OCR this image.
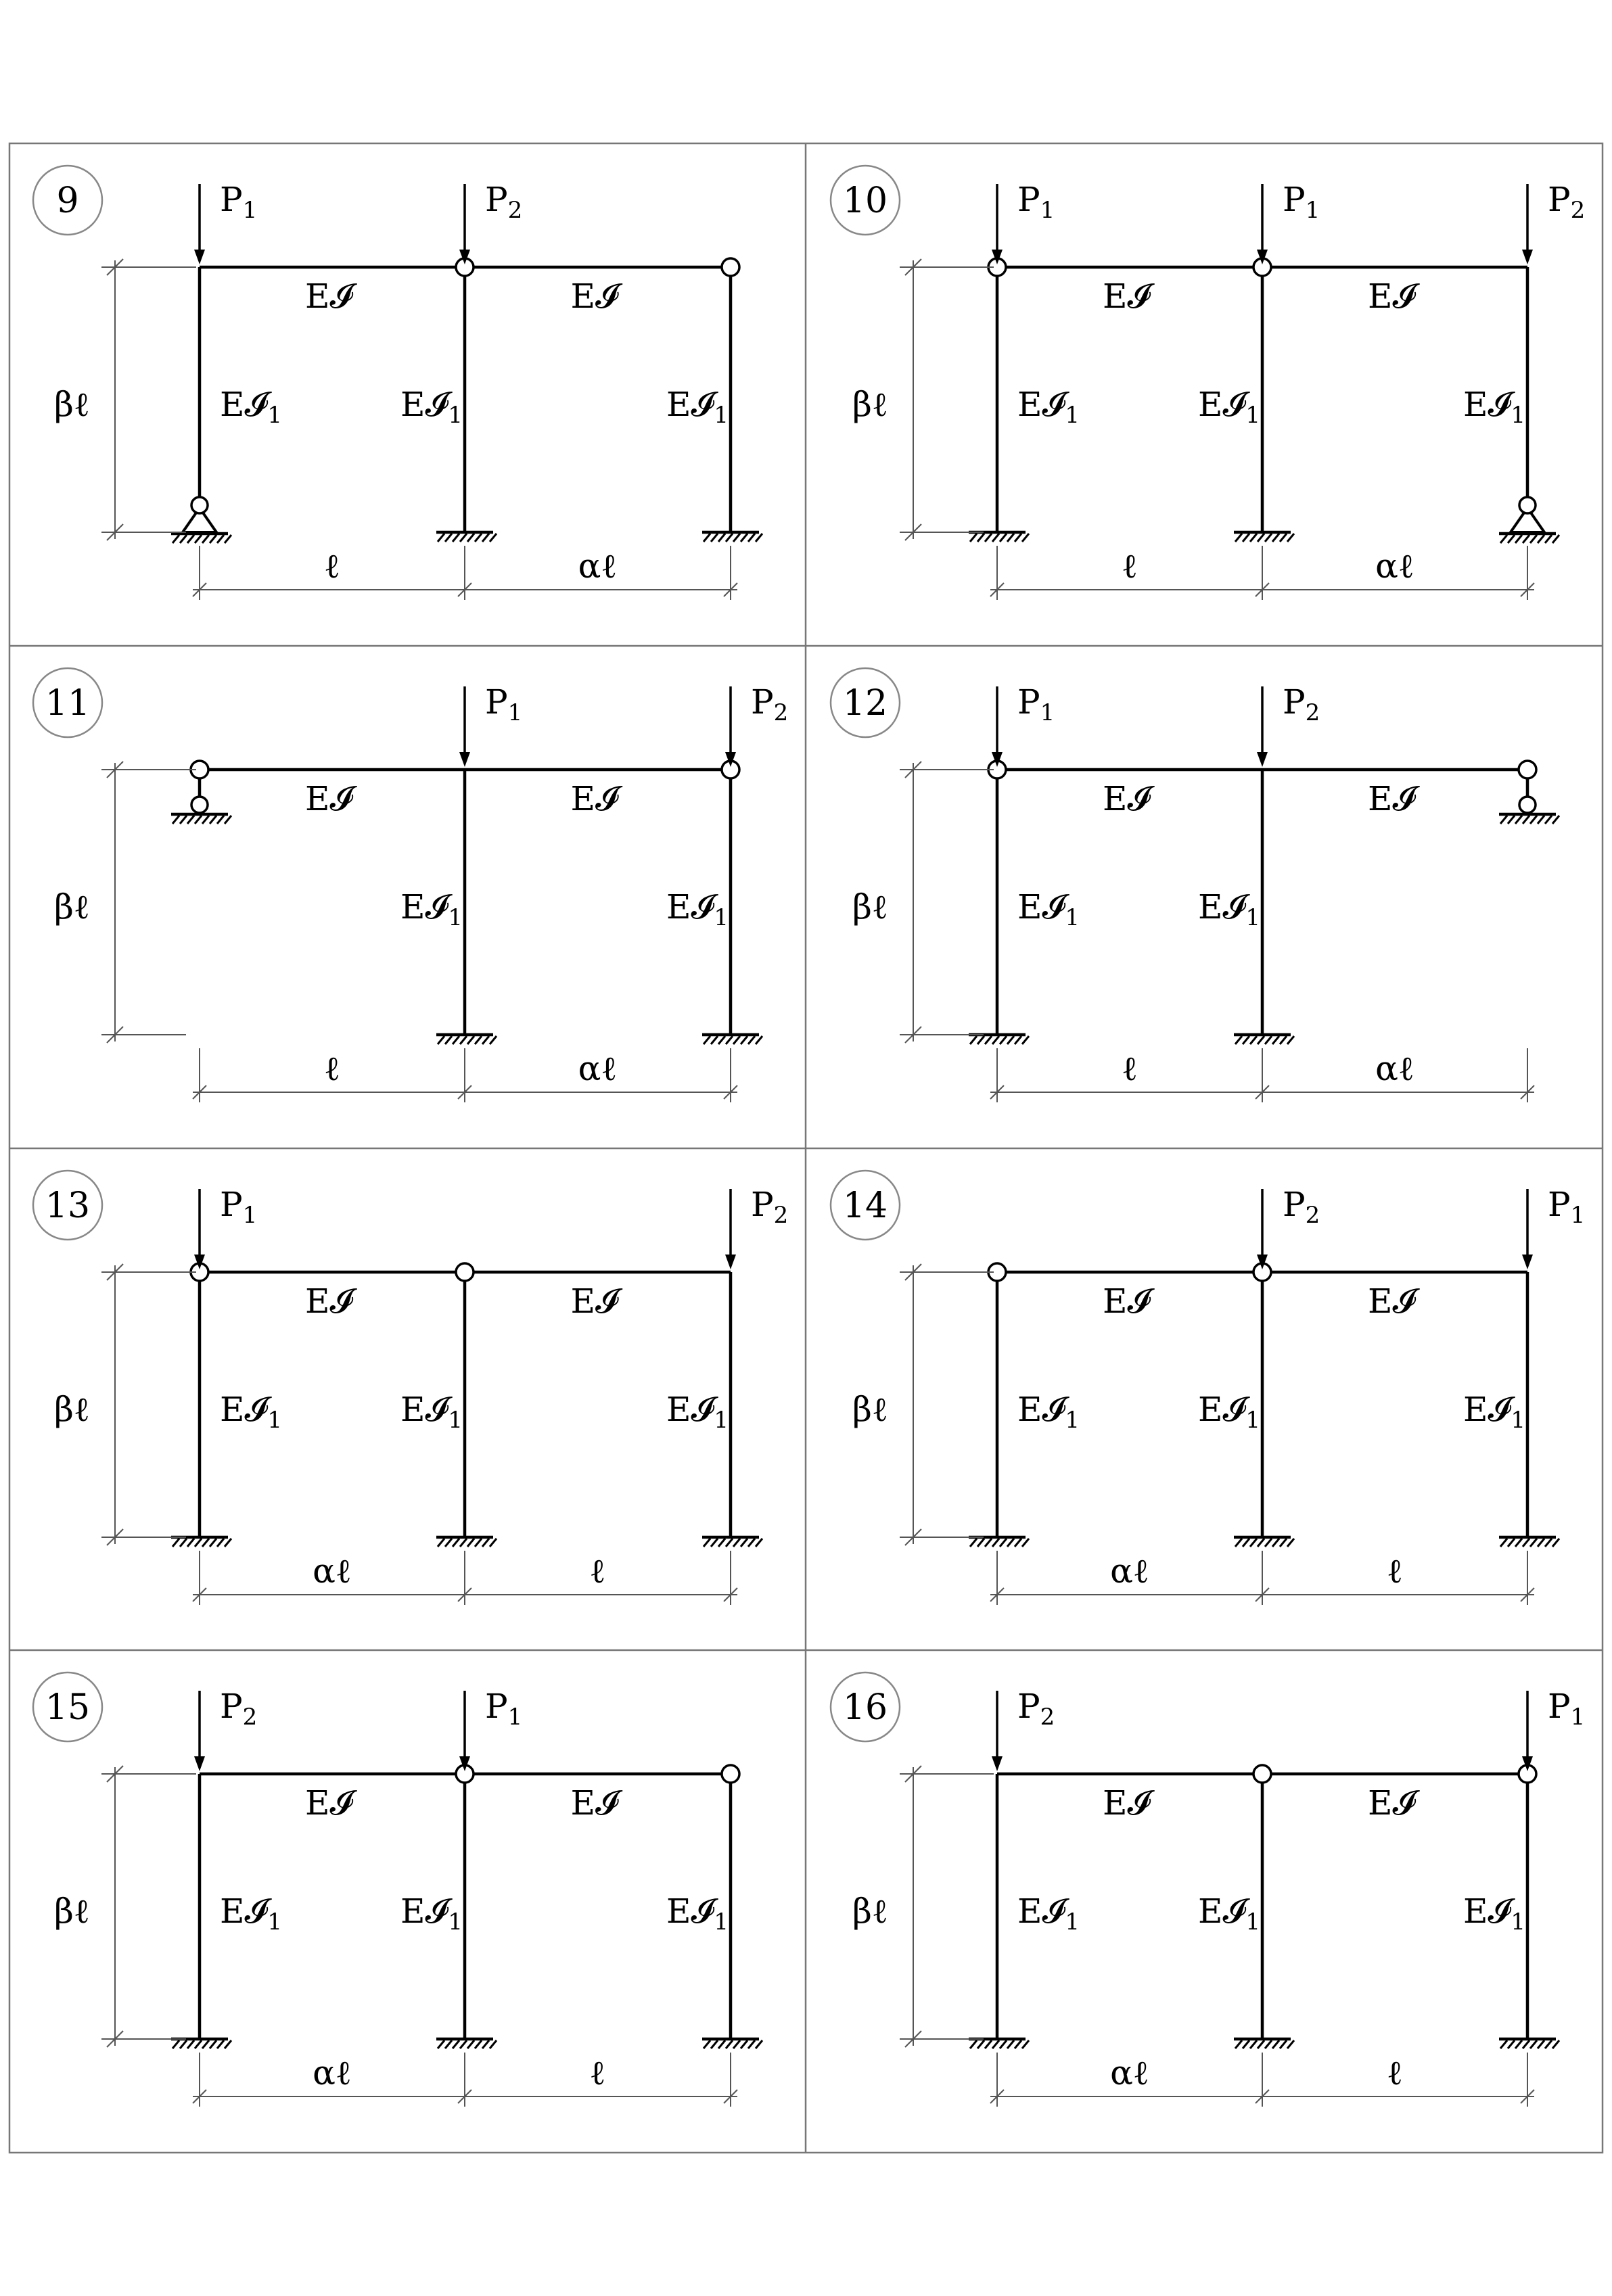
9	$P_1$	$P_2$
E𝓘	E𝓘
E𝓘$_1$	E𝓘$_1$	E𝓘$_1$
βℓ
ℓ	αℓ
10	$P_1$	$P_1$	$P_2$
E𝓘	E𝓘
E𝓘$_1$	E𝓘$_1$	E𝓘$_1$
βℓ
ℓ	αℓ
11	$P_1$	$P_2$
E𝓘	E𝓘
E𝓘$_1$	E𝓘$_1$
βℓ
ℓ	αℓ
12	$P_1$	$P_2$
E𝓘	E𝓘
E𝓘$_1$	E𝓘$_1$
βℓ
ℓ	αℓ
13	$P_1$	$P_2$
E𝓘	E𝓘
E𝓘$_1$	E𝓘$_1$	E𝓘$_1$
βℓ
αℓ	ℓ
14	$P_2$	$P_1$
E𝓘	E𝓘
E𝓘$_1$	E𝓘$_1$	E𝓘$_1$
βℓ
αℓ	ℓ
15	$P_2$	$P_1$
E𝓘	E𝓘
E𝓘$_1$	E𝓘$_1$	E𝓘$_1$
βℓ
αℓ	ℓ
16	$P_2$	$P_1$
E𝓘	E𝓘
E𝓘$_1$	E𝓘$_1$	E𝓘$_1$
βℓ
αℓ	ℓ
